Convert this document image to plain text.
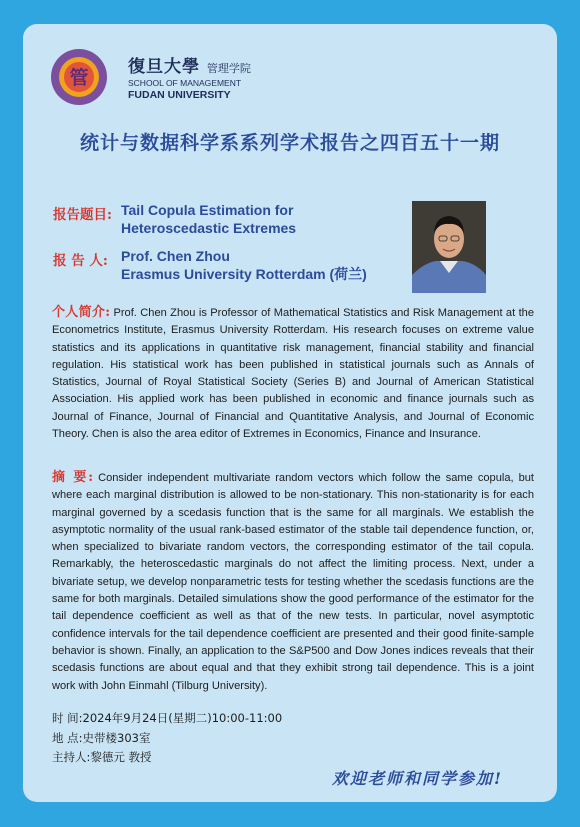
管 復旦大學 管理学院
SCHOOL OF MANAGEMENT
FUDAN UNIVERSITY
统计与数据科学系系列学术报告之四百五十一期
报告题目: Tail Copula Estimation for
Heteroscedastic Extremes
报 告 人: Prof. Chen Zhou
Erasmus University Rotterdam (荷兰)
个人简介: Prof. Chen Zhou is Professor of Mathematical Statistics and Risk Management at the Econometrics Institute, Erasmus University Rotterdam. His research focuses on extreme value statistics and its applications in quantitative risk management, financial stability and financial regulation. His statistical work has been published in statistical journals such as Annals of Statistics, Journal of Royal Statistical Society (Series B) and Journal of American Statistical Association. His applied work has been published in economic and finance journals such as Journal of Finance, Journal of Financial and Quantitative Analysis, and Journal of Economic Theory. Chen is also the area editor of Extremes in Economics, Finance and Insurance.
摘 要: Consider independent multivariate random vectors which follow the same copula, but where each marginal distribution is allowed to be non-stationary. This non-stationarity is for each marginal governed by a scedasis function that is the same for all marginals. We establish the asymptotic normality of the usual rank-based estimator of the stable tail dependence function, or, when specialized to bivariate random vectors, the corresponding estimator of the tail copula. Remarkably, the heteroscedastic marginals do not affect the limiting process. Next, under a bivariate setup, we develop nonparametric tests for testing whether the scedasis functions are the same for both marginals. Detailed simulations show the good performance of the estimator for the tail dependence coefficient as well as that of the new tests. In particular, novel asymptotic confidence intervals for the tail dependence coefficient are presented and their good finite-sample behavior is shown. Finally, an application to the S&P500 and Dow Jones indices reveals that their scedasis functions are about equal and that they exhibit strong tail dependence. This is a joint work with John Einmahl (Tilburg University).
时 间:2024年9月24日(星期二)10:00-11:00
地 点:史带楼303室
主持人:黎德元 教授
欢迎老师和同学参加!
